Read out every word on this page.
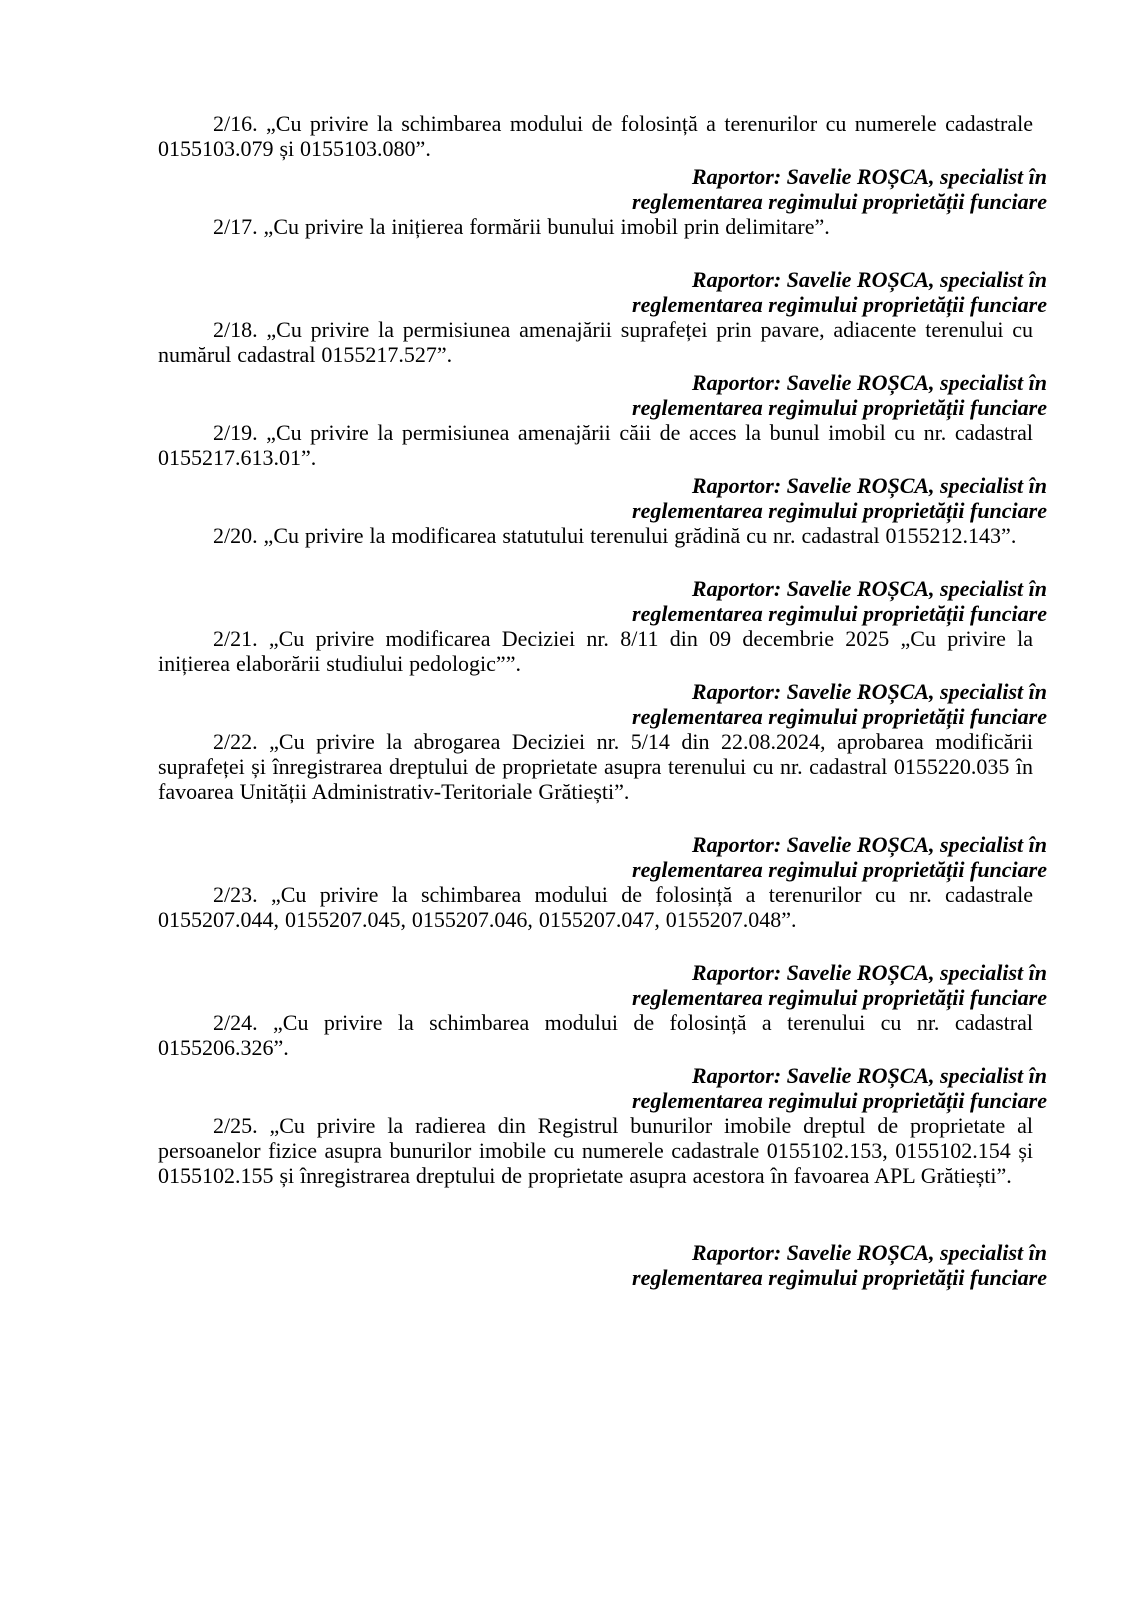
2/16. „Cu privire la schimbarea modului de folosință a terenurilor cu numerele cadastrale 0155103.079 și 0155103.080”.

Raportor: Savelie ROȘCA, specialist în
reglementarea regimului proprietății funciare

2/17. „Cu privire la inițierea formării bunului imobil prin delimitare”.

Raportor: Savelie ROȘCA, specialist în
reglementarea regimului proprietății funciare

2/18. „Cu privire la permisiunea amenajării suprafeței prin pavare, adiacente terenului cu numărul cadastral 0155217.527”.

Raportor: Savelie ROȘCA, specialist în
reglementarea regimului proprietății funciare

2/19. „Cu privire la permisiunea amenajării căii de acces la bunul imobil cu nr. cadastral 0155217.613.01”.

Raportor: Savelie ROȘCA, specialist în
reglementarea regimului proprietății funciare

2/20. „Cu privire la modificarea statutului terenului grădină cu nr. cadastral 0155212.143”.

Raportor: Savelie ROȘCA, specialist în
reglementarea regimului proprietății funciare

2/21. „Cu privire modificarea Deciziei nr. 8/11 din 09 decembrie 2025 „Cu privire la inițierea elaborării studiului pedologic””.

Raportor: Savelie ROȘCA, specialist în
reglementarea regimului proprietății funciare

2/22. „Cu privire la abrogarea Deciziei nr. 5/14 din 22.08.2024, aprobarea modificării suprafeței și înregistrarea dreptului de proprietate asupra terenului cu nr. cadastral 0155220.035 în favoarea Unității Administrativ-Teritoriale Grătiești”.

Raportor: Savelie ROȘCA, specialist în
reglementarea regimului proprietății funciare

2/23. „Cu privire la schimbarea modului de folosință a terenurilor cu nr. cadastrale 0155207.044, 0155207.045, 0155207.046, 0155207.047, 0155207.048”.

Raportor: Savelie ROȘCA, specialist în
reglementarea regimului proprietății funciare

2/24. „Cu privire la schimbarea modului de folosință a terenului cu nr. cadastral 0155206.326”.

Raportor: Savelie ROȘCA, specialist în
reglementarea regimului proprietății funciare

2/25. „Cu privire la radierea din Registrul bunurilor imobile dreptul de proprietate al persoanelor fizice asupra bunurilor imobile cu numerele cadastrale 0155102.153, 0155102.154 și 0155102.155 și înregistrarea dreptului de proprietate asupra acestora în favoarea APL Grătiești”.

Raportor: Savelie ROȘCA, specialist în
reglementarea regimului proprietății funciare
